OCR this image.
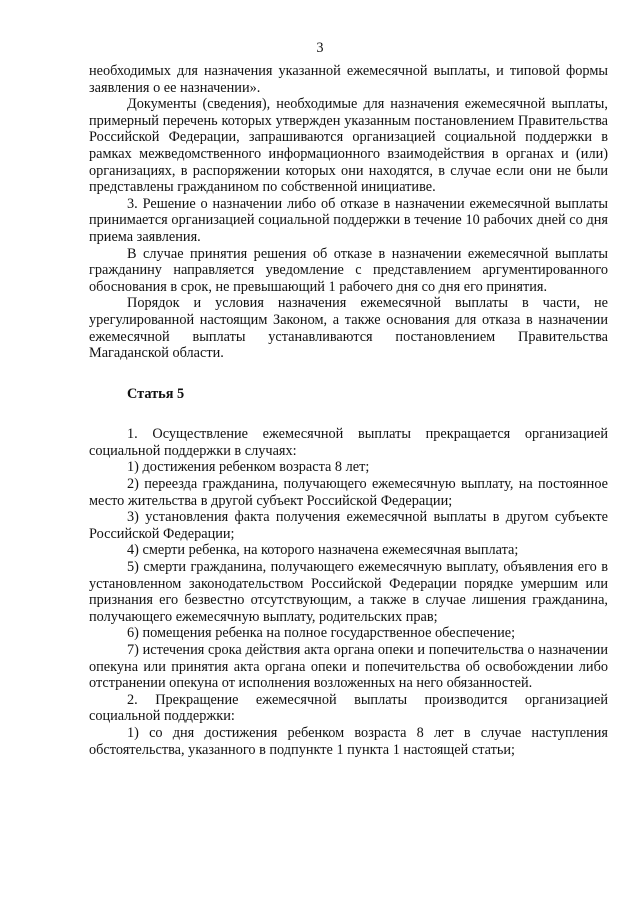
3

необходимых для назначения указанной ежемесячной выплаты, и типовой формы заявления о ее назначении».

Документы (сведения), необходимые для назначения ежемесячной выплаты, примерный перечень которых утвержден указанным постановлением Правительства Российской Федерации, запрашиваются организацией социальной поддержки в рамках межведомственного информационного взаимодействия в органах и (или) организациях, в распоряжении которых они находятся, в случае если они не были представлены гражданином по собственной инициативе.

3. Решение о назначении либо об отказе в назначении ежемесячной выплаты принимается организацией социальной поддержки в течение 10 рабочих дней со дня приема заявления.

В случае принятия решения об отказе в назначении ежемесячной выплаты гражданину направляется уведомление с представлением аргументированного обоснования в срок, не превышающий 1 рабочего дня со дня его принятия.

Порядок и условия назначения ежемесячной выплаты в части, не урегулированной настоящим Законом, а также основания для отказа в назначении ежемесячной выплаты устанавливаются постановлением Правительства Магаданской области.

Статья 5

1. Осуществление ежемесячной выплаты прекращается организацией социальной поддержки в случаях:

1) достижения ребенком возраста 8 лет;

2) переезда гражданина, получающего ежемесячную выплату, на постоянное место жительства в другой субъект Российской Федерации;

3) установления факта получения ежемесячной выплаты в другом субъекте Российской Федерации;

4) смерти ребенка, на которого назначена ежемесячная выплата;

5) смерти гражданина, получающего ежемесячную выплату, объявления его в установленном законодательством Российской Федерации порядке умершим или признания его безвестно отсутствующим, а также в случае лишения гражданина, получающего ежемесячную выплату, родительских прав;

6) помещения ребенка на полное государственное обеспечение;

7) истечения срока действия акта органа опеки и попечительства о назначении опекуна или принятия акта органа опеки и попечительства об освобождении либо отстранении опекуна от исполнения возложенных на него обязанностей.

2. Прекращение ежемесячной выплаты производится организацией социальной поддержки:

1) со дня достижения ребенком возраста 8 лет в случае наступления обстоятельства, указанного в подпункте 1 пункта 1 настоящей статьи;
